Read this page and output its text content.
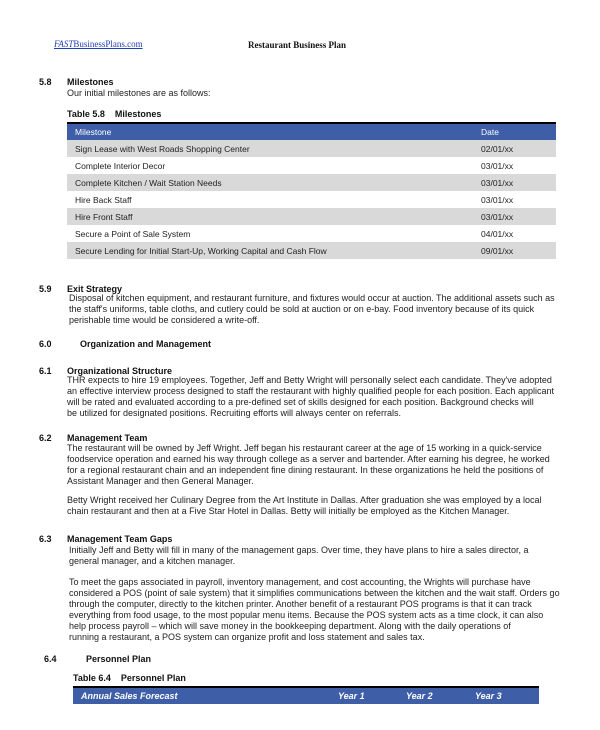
FASTBusinessPlans.com	Restaurant Business Plan
5.8 Milestones
Our initial milestones are as follows:
Table 5.8 Milestones
Milestone	Date
Sign Lease with West Roads Shopping Center	02/01/xx
Complete Interior Decor	03/01/xx
Complete Kitchen / Wait Station Needs	03/01/xx
Hire Back Staff	03/01/xx
Hire Front Staff	03/01/xx
Secure a Point of Sale System	04/01/xx
Secure Lending for Initial Start-Up, Working Capital and Cash Flow	09/01/xx
5.9 Exit Strategy
Disposal of kitchen equipment, and restaurant furniture, and fixtures would occur at auction. The additional assets such as
the staff's uniforms, table cloths, and cutlery could be sold at auction or on e-bay. Food inventory because of its quick
perishable time would be considered a write-off.
6.0	Organization and Management
6.1 Organizational Structure
THR expects to hire 19 employees. Together, Jeff and Betty Wright will personally select each candidate. They've adopted
an effective interview process designed to staff the restaurant with highly qualified people for each position. Each applicant
will be rated and evaluated according to a pre-defined set of skills designed for each position. Background checks will
be utilized for designated positions. Recruiting efforts will always center on referrals.
6.2 Management Team
The restaurant will be owned by Jeff Wright. Jeff began his restaurant career at the age of 15 working in a quick-service
foodservice operation and earned his way through college as a server and bartender. After earning his degree, he worked
for a regional restaurant chain and an independent fine dining restaurant. In these organizations he held the positions of
Assistant Manager and then General Manager.
Betty Wright received her Culinary Degree from the Art Institute in Dallas. After graduation she was employed by a local
chain restaurant and then at a Five Star Hotel in Dallas. Betty will initially be employed as the Kitchen Manager.
6.3 Management Team Gaps
Initially Jeff and Betty will fill in many of the management gaps. Over time, they have plans to hire a sales director, a
general manager, and a kitchen manager.
To meet the gaps associated in payroll, inventory management, and cost accounting, the Wrights will purchase have
considered a POS (point of sale system) that it simplifies communications between the kitchen and the wait staff. Orders go
through the computer, directly to the kitchen printer. Another benefit of a restaurant POS programs is that it can track
everything from food usage, to the most popular menu items. Because the POS system acts as a time clock, it can also
help process payroll – which will save money in the bookkeeping department. Along with the daily operations of
running a restaurant, a POS system can organize profit and loss statement and sales tax.
6.4	Personnel Plan
Table 6.4 Personnel Plan
Annual Sales Forecast	Year 1	Year 2	Year 3
